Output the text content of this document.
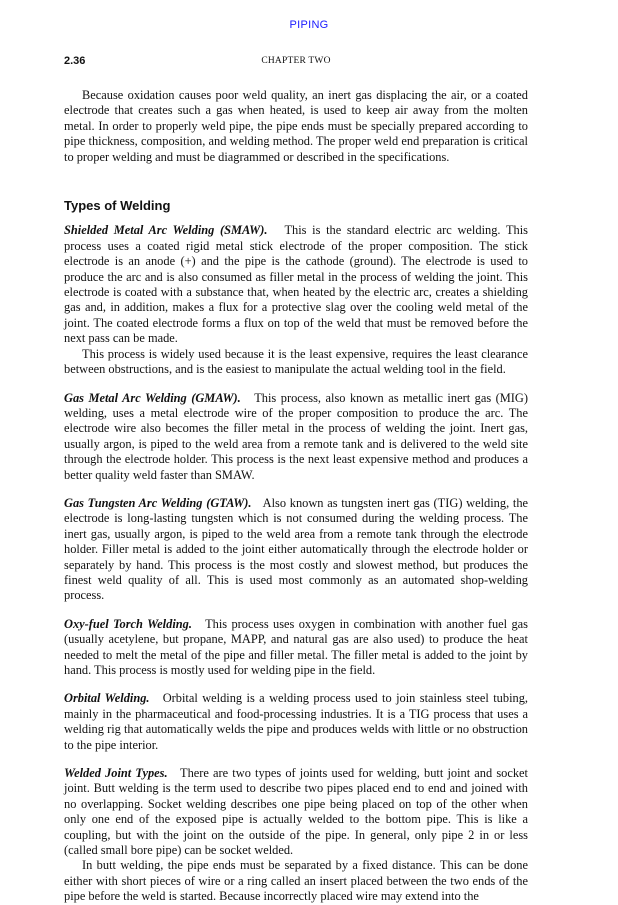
PIPING
2.36	CHAPTER TWO

Because oxidation causes poor weld quality, an inert gas displacing the air, or a coated electrode that creates such a gas when heated, is used to keep air away from the molten metal. In order to properly weld pipe, the pipe ends must be specially prepared according to pipe thickness, composition, and welding method. The proper weld end preparation is critical to proper welding and must be diagrammed or described in the specifications.

Types of Welding

Shielded Metal Arc Welding (SMAW). This is the standard electric arc welding. This process uses a coated rigid metal stick electrode of the proper composition. The stick electrode is an anode (+) and the pipe is the cathode (ground). The electrode is used to produce the arc and is also consumed as filler metal in the process of welding the joint. This electrode is coated with a substance that, when heated by the electric arc, creates a shielding gas and, in addition, makes a flux for a protective slag over the cooling weld metal of the joint. The coated electrode forms a flux on top of the weld that must be removed before the next pass can be made.

This process is widely used because it is the least expensive, requires the least clearance between obstructions, and is the easiest to manipulate the actual welding tool in the field.

Gas Metal Arc Welding (GMAW). This process, also known as metallic inert gas (MIG) welding, uses a metal electrode wire of the proper composition to produce the arc. The electrode wire also becomes the filler metal in the process of welding the joint. Inert gas, usually argon, is piped to the weld area from a remote tank and is delivered to the weld site through the electrode holder. This process is the next least expensive method and produces a better quality weld faster than SMAW.

Gas Tungsten Arc Welding (GTAW). Also known as tungsten inert gas (TIG) welding, the electrode is long-lasting tungsten which is not consumed during the welding process. The inert gas, usually argon, is piped to the weld area from a remote tank through the electrode holder. Filler metal is added to the joint either automatically through the electrode holder or separately by hand. This process is the most costly and slowest method, but produces the finest weld quality of all. This is used most commonly as an automated shop-welding process.

Oxy-fuel Torch Welding. This process uses oxygen in combination with another fuel gas (usually acetylene, but propane, MAPP, and natural gas are also used) to produce the heat needed to melt the metal of the pipe and filler metal. The filler metal is added to the joint by hand. This process is mostly used for welding pipe in the field.

Orbital Welding. Orbital welding is a welding process used to join stainless steel tubing, mainly in the pharmaceutical and food-processing industries. It is a TIG process that uses a welding rig that automatically welds the pipe and produces welds with little or no obstruction to the pipe interior.

Welded Joint Types. There are two types of joints used for welding, butt joint and socket joint. Butt welding is the term used to describe two pipes placed end to end and joined with no overlapping. Socket welding describes one pipe being placed on top of the other when only one end of the exposed pipe is actually welded to the bottom pipe. This is like a coupling, but with the joint on the outside of the pipe. In general, only pipe 2 in or less (called small bore pipe) can be socket welded.

In butt welding, the pipe ends must be separated by a fixed distance. This can be done either with short pieces of wire or a ring called an insert placed between the two ends of the pipe before the weld is started. Because incorrectly placed wire may extend into the
